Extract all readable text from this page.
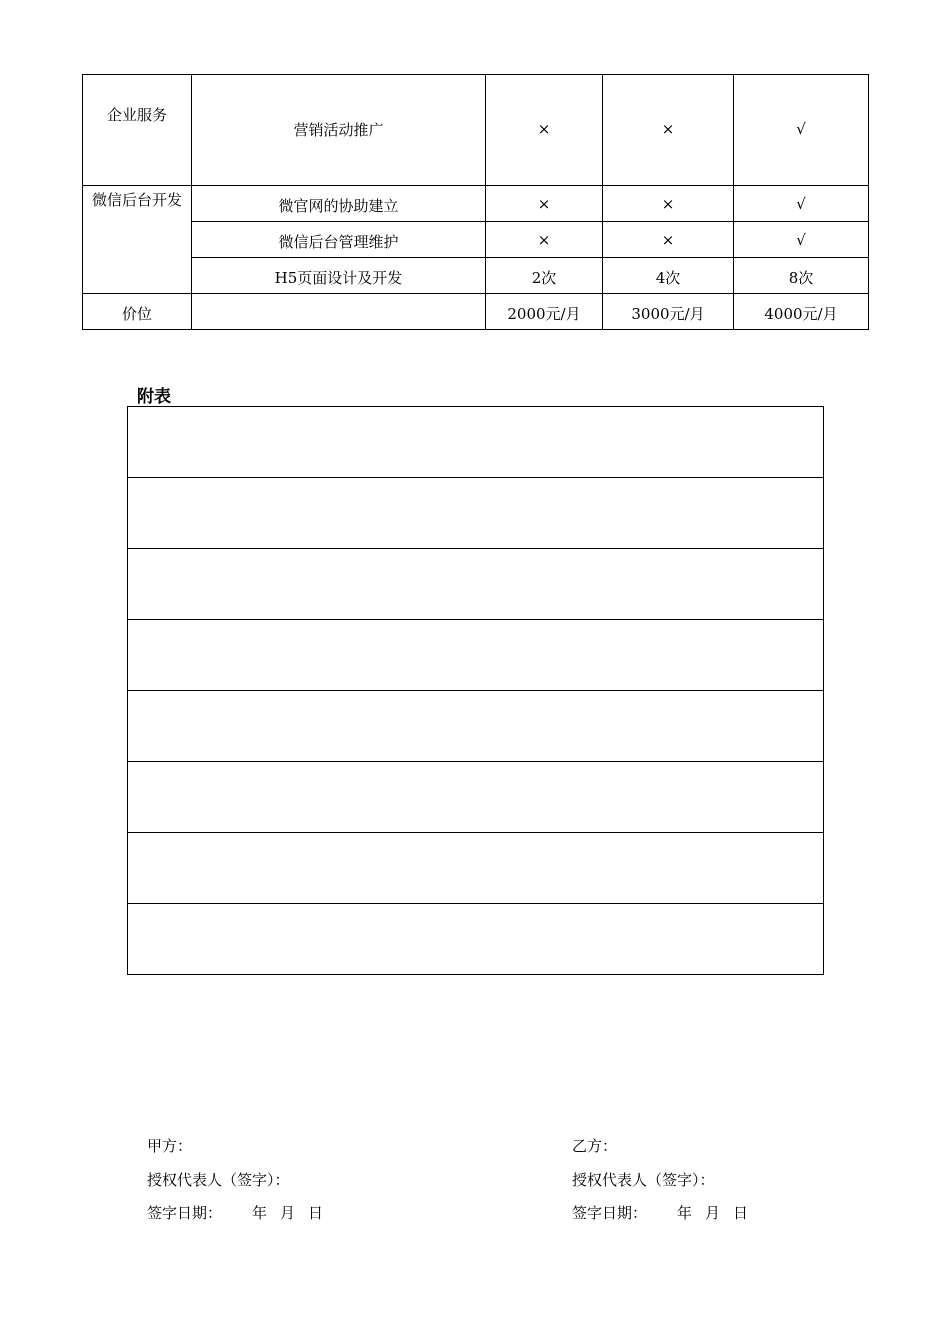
企业服务	营销活动推广	×	×	√
微信后台开发	微官网的协助建立	×	×	√
	微信后台管理维护	×	×	√
	H5页面设计及开发	2次	4次	8次
价位		2000元/月	3000元/月	4000元/月
附表
甲方：
授权代表人（签字）：
签字日期： 年 月 日
乙方：
授权代表人（签字）：
签字日期： 年 月 日
